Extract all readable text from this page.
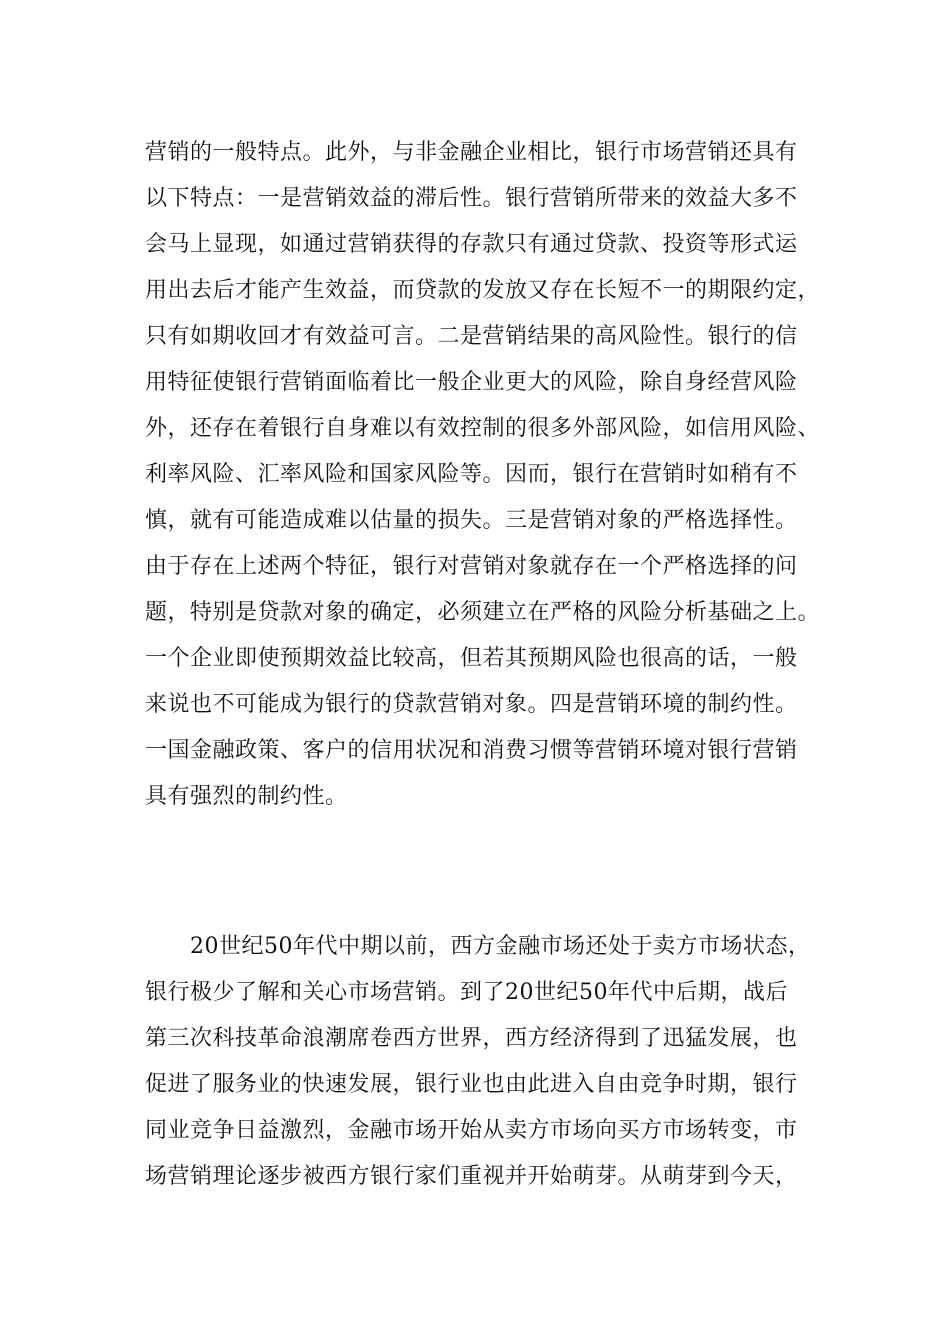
营销的一般特点。此外，与非金融企业相比，银行市场营销还具有
以下特点：一是营销效益的滞后性。银行营销所带来的效益大多不
会马上显现，如通过营销获得的存款只有通过贷款、投资等形式运
用出去后才能产生效益，而贷款的发放又存在长短不一的期限约定，
只有如期收回才有效益可言。二是营销结果的高风险性。银行的信
用特征使银行营销面临着比一般企业更大的风险，除自身经营风险
外，还存在着银行自身难以有效控制的很多外部风险，如信用风险、
利率风险、汇率风险和国家风险等。因而，银行在营销时如稍有不
慎，就有可能造成难以估量的损失。三是营销对象的严格选择性。
由于存在上述两个特征，银行对营销对象就存在一个严格选择的问
题，特别是贷款对象的确定，必须建立在严格的风险分析基础之上。
一个企业即使预期效益比较高，但若其预期风险也很高的话，一般
来说也不可能成为银行的贷款营销对象。四是营销环境的制约性。
一国金融政策、客户的信用状况和消费习惯等营销环境对银行营销
具有强烈的制约性。
　　20世纪50年代中期以前，西方金融市场还处于卖方市场状态，
银行极少了解和关心市场营销。到了20世纪50年代中后期，战后
第三次科技革命浪潮席卷西方世界，西方经济得到了迅猛发展，也
促进了服务业的快速发展，银行业也由此进入自由竞争时期，银行
同业竞争日益激烈，金融市场开始从卖方市场向买方市场转变，市
场营销理论逐步被西方银行家们重视并开始萌芽。从萌芽到今天，
